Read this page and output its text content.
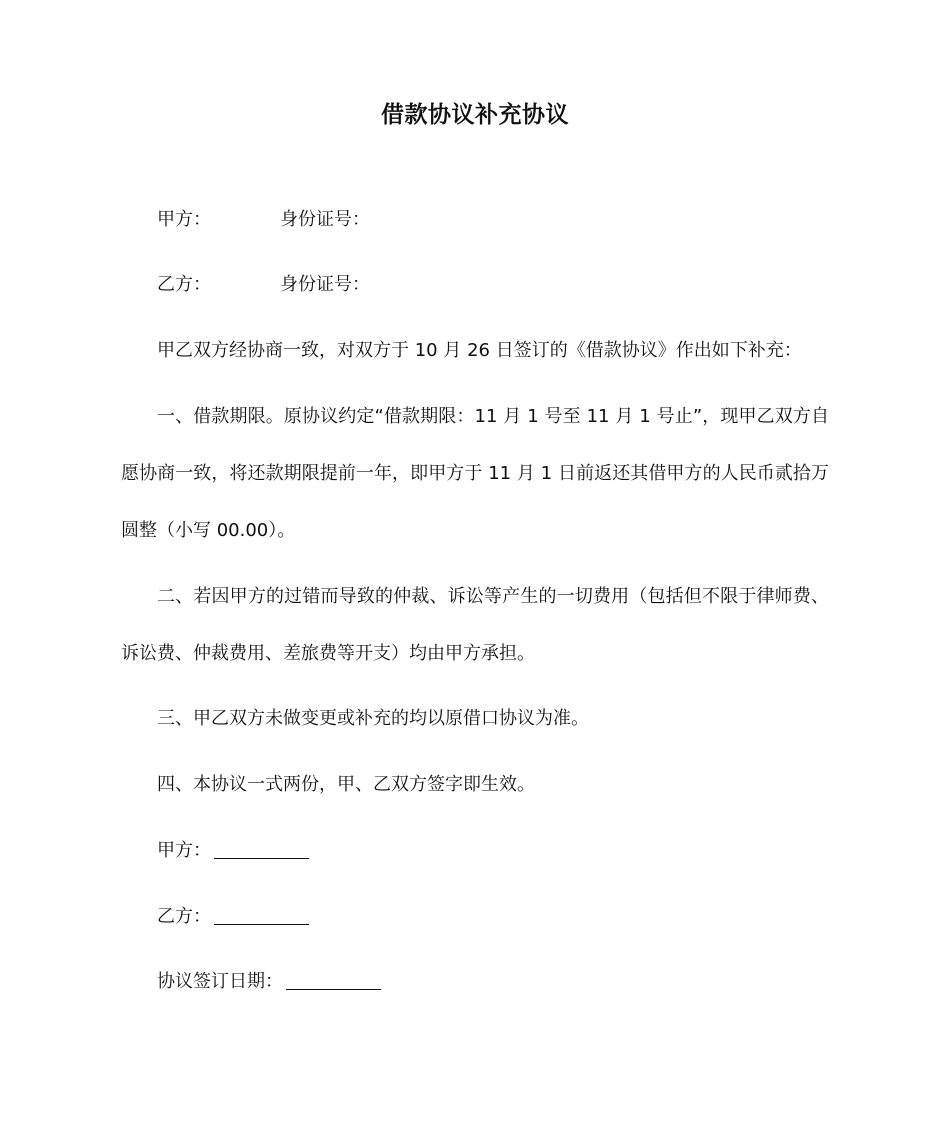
借款协议补充协议
甲方：	身份证号：
乙方：	身份证号：
甲乙双方经协商一致，对双方于 10 月 26 日签订的《借款协议》作出如下补充：
一、借款期限。原协议约定“借款期限：11 月 1 号至 11 月 1 号止”，现甲乙双方自
愿协商一致，将还款期限提前一年，即甲方于 11 月 1 日前返还其借甲方的人民币贰拾万
圆整（小写 00.00）。
二、若因甲方的过错而导致的仲裁、诉讼等产生的一切费用（包括但不限于律师费、
诉讼费、仲裁费用、差旅费等开支）均由甲方承担。
三、甲乙双方未做变更或补充的均以原借口协议为准。
四、本协议一式两份，甲、乙双方签字即生效。
甲方：
乙方：
协议签订日期：
